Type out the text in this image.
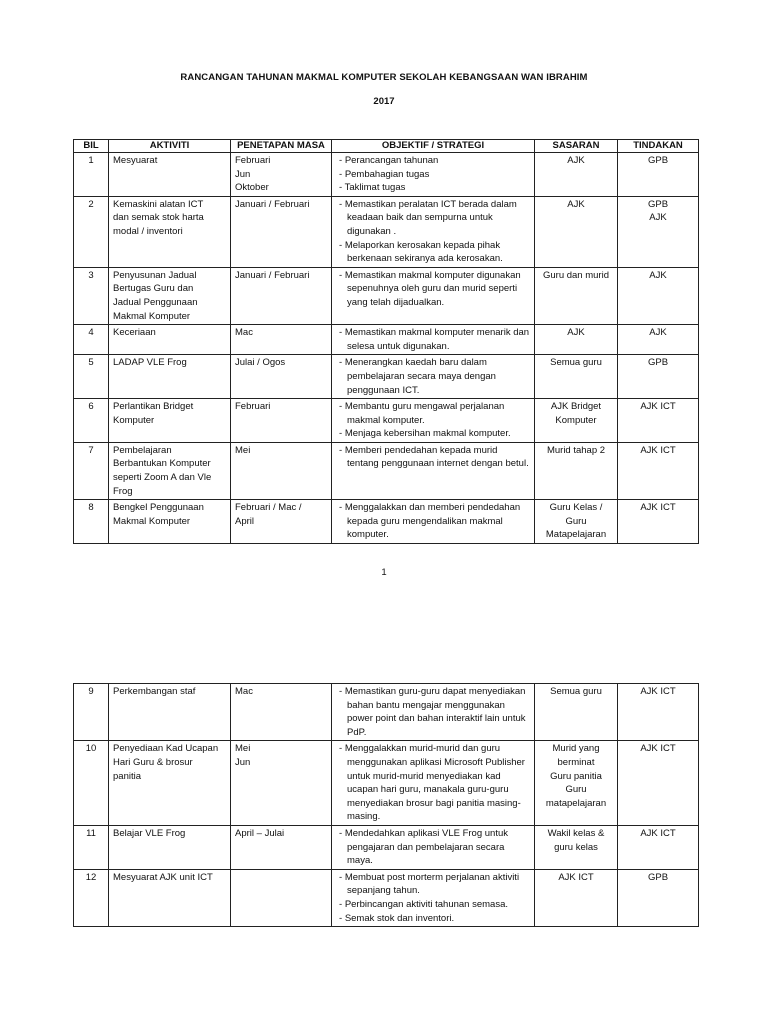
RANCANGAN TAHUNAN MAKMAL KOMPUTER SEKOLAH KEBANGSAAN WAN IBRAHIM
2017
BIL	AKTIVITI	PENETAPAN MASA	OBJEKTIF / STRATEGI	SASARAN	TINDAKAN
1	Mesyuarat	Februari
Jun
Oktober	- Perancangan tahunan
- Pembahagian tugas
- Taklimat tugas	AJK	GPB

2	Kemaskini alatan ICT
dan semak stok harta
modal / inventori	Januari / Februari	- Memastikan peralatan ICT berada dalam keadaan baik dan sempurna untuk digunakan .
- Melaporkan kerosakan kepada pihak berkenaan sekiranya ada kerosakan.	AJK	GPB
AJK

3	Penyusunan Jadual
Bertugas Guru dan
Jadual Penggunaan
Makmal Komputer	Januari / Februari	- Memastikan makmal komputer digunakan sepenuhnya oleh guru dan murid seperti yang telah dijadualkan.	Guru dan murid	AJK

4	Keceriaan	Mac	- Memastikan makmal komputer menarik dan selesa untuk digunakan.	AJK	AJK

5	LADAP VLE Frog	Julai / Ogos	- Menerangkan kaedah baru dalam pembelajaran secara maya dengan penggunaan ICT.	Semua guru	GPB

6	Perlantikan Bridget
Komputer	Februari	- Membantu guru mengawal perjalanan makmal komputer.
- Menjaga kebersihan makmal komputer.	AJK Bridget
Komputer	AJK ICT

7	Pembelajaran
Berbantukan Komputer
seperti Zoom A dan Vle
Frog	Mei	- Memberi pendedahan kepada murid tentang penggunaan internet dengan betul.	Murid tahap 2	AJK ICT

8	Bengkel Penggunaan
Makmal Komputer	Februari / Mac /
April	- Menggalakkan dan memberi pendedahan kepada guru mengendalikan makmal komputer.	Guru Kelas /
Guru
Matapelajaran	AJK ICT
1
9	Perkembangan staf	Mac	- Memastikan guru-guru dapat menyediakan bahan bantu mengajar menggunakan power point dan bahan interaktif lain untuk PdP.	Semua guru	AJK ICT

10	Penyediaan Kad Ucapan
Hari Guru & brosur
panitia	Mei
Jun	- Menggalakkan murid-murid dan guru menggunakan aplikasi Microsoft Publisher untuk murid-murid menyediakan kad ucapan hari guru, manakala guru-guru menyediakan brosur bagi panitia masing-masing.	Murid yang
berminat
Guru panitia
Guru
matapelajaran	AJK ICT

11	Belajar VLE Frog	April – Julai	- Mendedahkan aplikasi VLE Frog untuk pengajaran dan pembelajaran secara maya.	Wakil kelas &
guru kelas	AJK ICT

12	Mesyuarat AJK unit ICT		- Membuat post morterm perjalanan aktiviti sepanjang tahun.
- Perbincangan aktiviti tahunan semasa.
- Semak stok dan inventori.	AJK ICT	GPB
